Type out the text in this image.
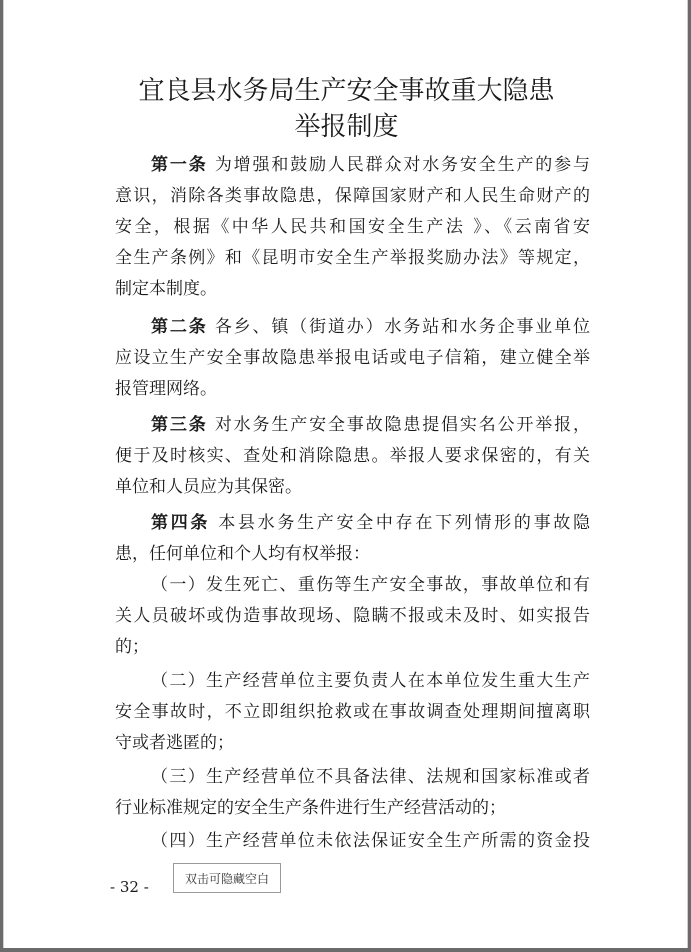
宜良县水务局生产安全事故重大隐患
举报制度
第一条 为增强和鼓励人民群众对水务安全生产的参与
意识，消除各类事故隐患，保障国家财产和人民生命财产的
安全，根据《中华人民共和国安全生产法 》、《云南省安
全生产条例》和《昆明市安全生产举报奖励办法》等规定，
制定本制度。
第二条 各乡、镇（街道办）水务站和水务企事业单位
应设立生产安全事故隐患举报电话或电子信箱，建立健全举
报管理网络。
第三条 对水务生产安全事故隐患提倡实名公开举报，
便于及时核实、查处和消除隐患。举报人要求保密的，有关
单位和人员应为其保密。
第四条 本县水务生产安全中存在下列情形的事故隐
患，任何单位和个人均有权举报：
（一）发生死亡、重伤等生产安全事故，事故单位和有
关人员破坏或伪造事故现场、隐瞒不报或未及时、如实报告
的；
（二）生产经营单位主要负责人在本单位发生重大生产
安全事故时，不立即组织抢救或在事故调查处理期间擅离职
守或者逃匿的；
（三）生产经营单位不具备法律、法规和国家标准或者
行业标准规定的安全生产条件进行生产经营活动的；
（四）生产经营单位未依法保证安全生产所需的资金投
- 32 -	双击可隐藏空白
